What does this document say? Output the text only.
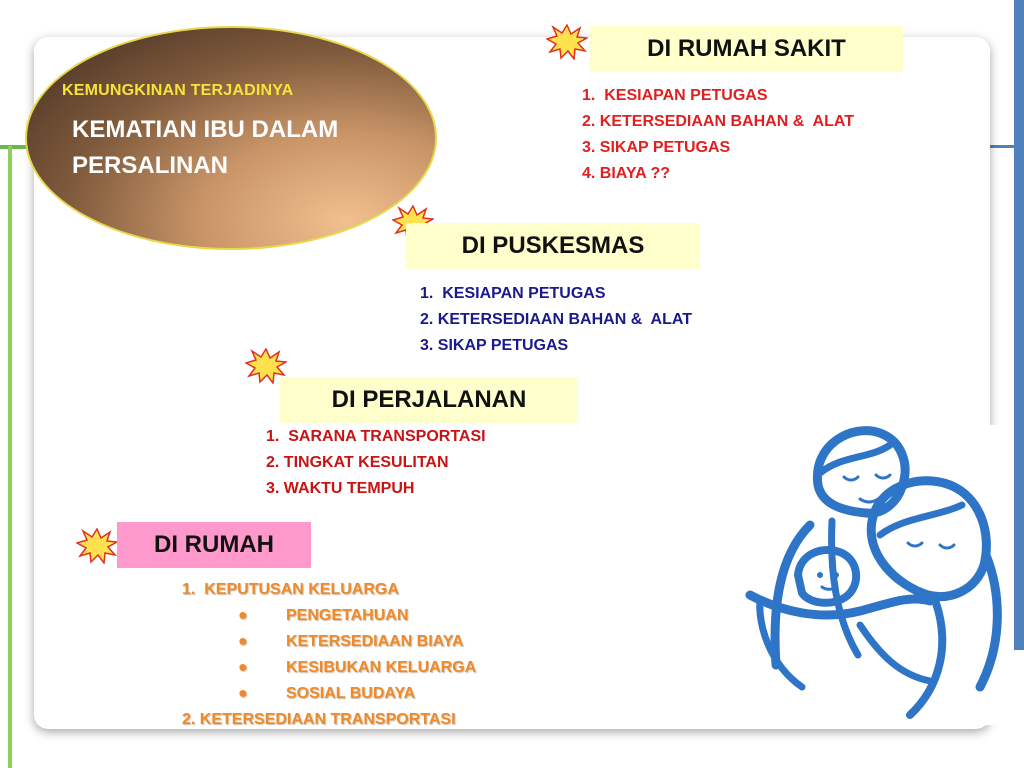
KEMUNGKINAN TERJADINYA
KEMATIAN IBU DALAM
PERSALINAN
DI RUMAH SAKIT
1. KESIAPAN PETUGAS
2. KETERSEDIAAN BAHAN &  ALAT
3. SIKAP PETUGAS
4. BIAYA ??
DI PUSKESMAS
1. KESIAPAN PETUGAS
2. KETERSEDIAAN BAHAN &  ALAT
3. SIKAP PETUGAS
DI PERJALANAN
1. SARANA TRANSPORTASI
2. TINGKAT KESULITAN
3. WAKTU TEMPUH
DI RUMAH
1. KEPUTUSAN KELUARGA
● PENGETAHUAN
● KETERSEDIAAN BIAYA
● KESIBUKAN KELUARGA
● SOSIAL BUDAYA
2. KETERSEDIAAN TRANSPORTASI
